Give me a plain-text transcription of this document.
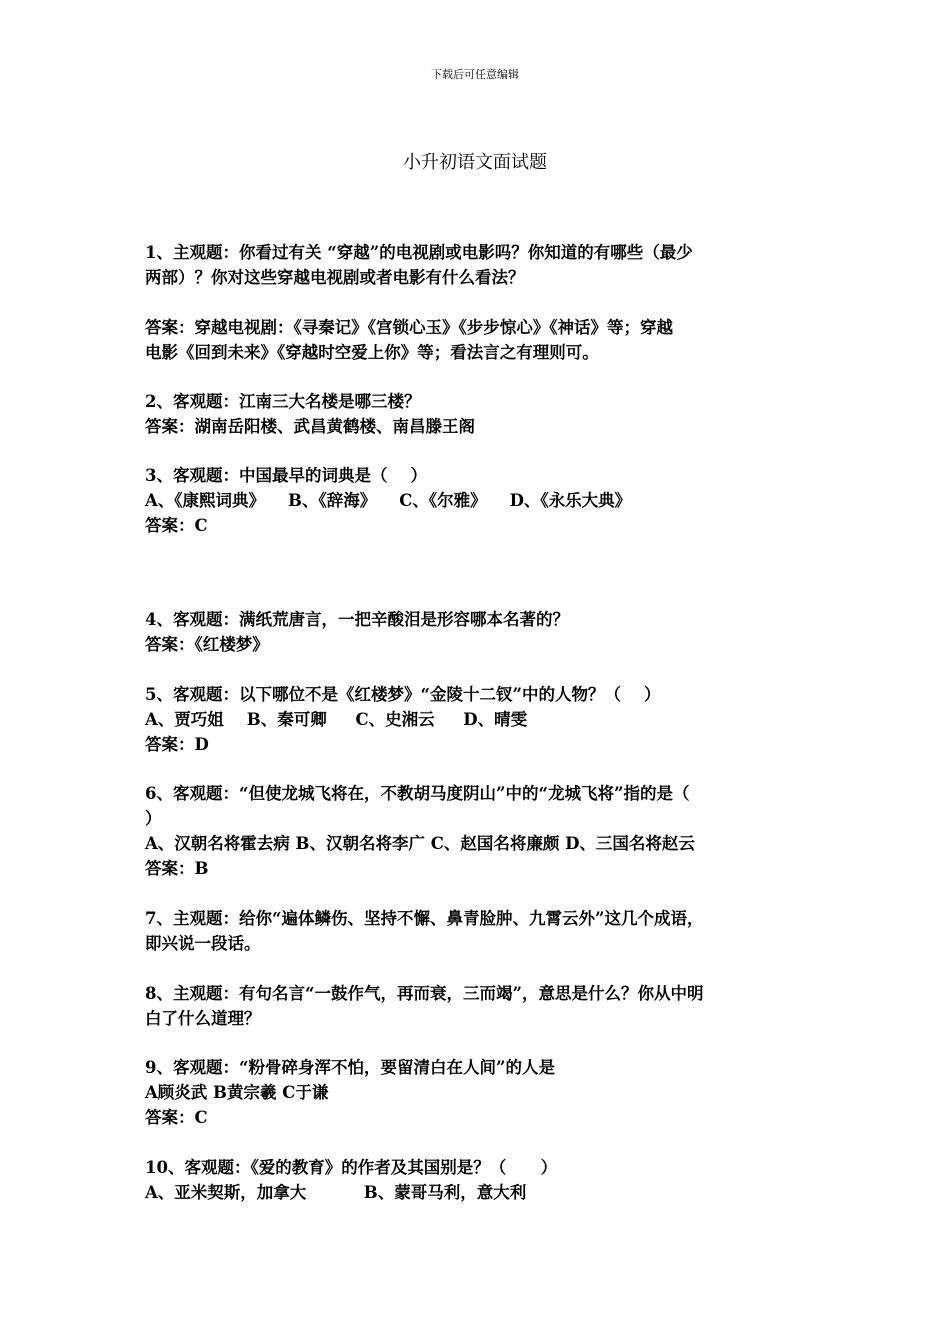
下载后可任意编辑
小升初语文面试题
1、主观题：你看过有关 “穿越”的电视剧或电影吗？你知道的有哪些（最少
两部）？你对这些穿越电视剧或者电影有什么看法？
答案：穿越电视剧：《寻秦记》《宫锁心玉》《步步惊心》《神话》等；穿越
电影《回到未来》《穿越时空爱上你》等；看法言之有理则可。
2、客观题：江南三大名楼是哪三楼？
答案：湖南岳阳楼、武昌黄鹤楼、南昌滕王阁
3、客观题：中国最早的词典是（    ）
A、《康熙词典》    B、《辞海》    C、《尔雅》    D、《永乐大典》
答案：C
4、客观题：满纸荒唐言，一把辛酸泪是形容哪本名著的？
答案：《红楼梦》
5、客观题：以下哪位不是《红楼梦》“金陵十二钗”中的人物？（    ）
A、贾巧姐    B、秦可卿     C、史湘云     D、晴雯
答案：D
6、客观题：“但使龙城飞将在，不教胡马度阴山”中的“龙城飞将”指的是（
）
A、汉朝名将霍去病 B、汉朝名将李广 C、赵国名将廉颇 D、三国名将赵云
答案：B
7、主观题：给你“遍体鳞伤、坚持不懈、鼻青脸肿、九霄云外”这几个成语，
即兴说一段话。
8、主观题：有句名言“一鼓作气，再而衰，三而竭”，意思是什么？你从中明
白了什么道理？
9、客观题：“粉骨碎身浑不怕，要留清白在人间”的人是
A顾炎武 B黄宗羲 C于谦
答案：C
10、客观题：《爱的教育》的作者及其国别是？（      ）
A、亚米契斯，加拿大          B、蒙哥马利，意大利
